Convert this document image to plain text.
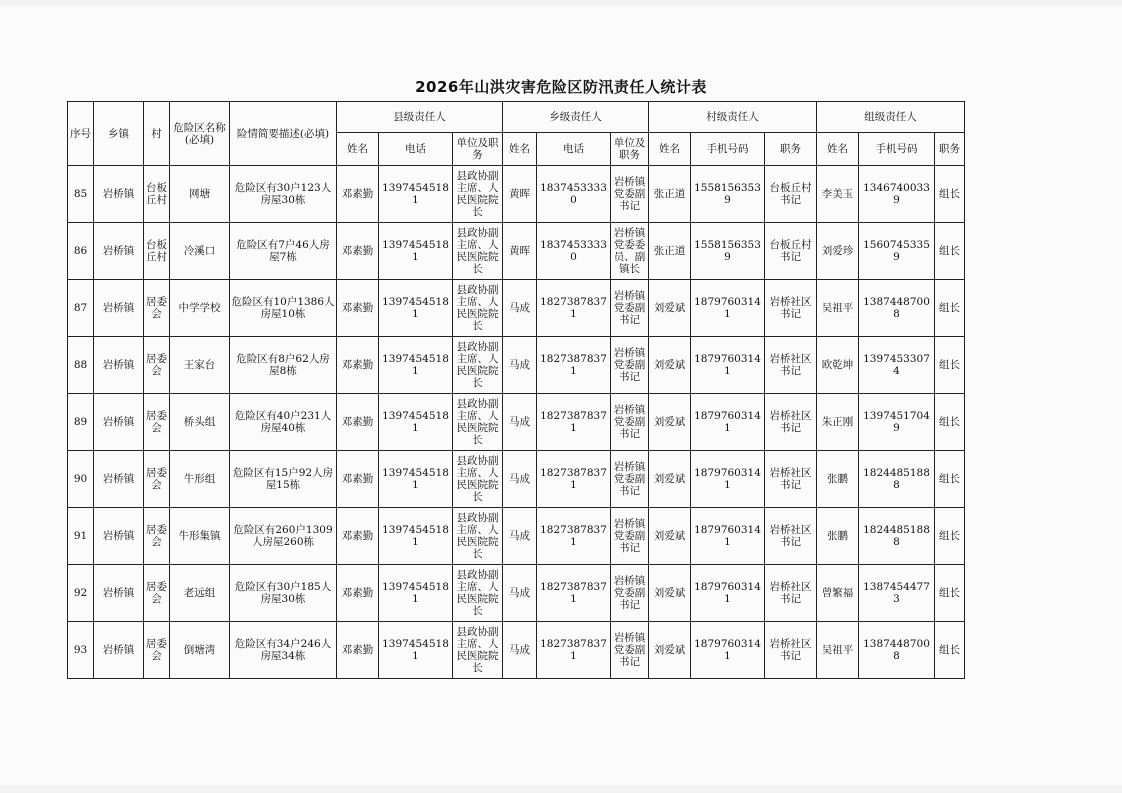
2026年山洪灾害危险区防汛责任人统计表
序号	乡镇	村	危险区名称(必填)	险情简要描述(必填)	县级责任人			乡级责任人			村级责任人			组级责任人		
					姓名	电话	单位及职务	姓名	电话	单位及职务	姓名	手机号码	职务	姓名	手机号码	职务
85	岩桥镇	台板丘村	网塘	危险区有30户123人房屋30栋	邓素勤	13974545181	县政协副主席、人民医院院长	黄晖	18374533330	岩桥镇党委副书记	张正道	15581563539	台板丘村书记	李美玉	13467400339	组长
86	岩桥镇	台板丘村	冷溪口	危险区有7户46人房屋7栋	邓素勤	13974545181	县政协副主席、人民医院院长	黄晖	18374533330	岩桥镇党委委员、副镇长	张正道	15581563539	台板丘村书记	刘爱珍	15607453359	组长
87	岩桥镇	居委会	中学学校	危险区有10户1386人房屋10栋	邓素勤	13974545181	县政协副主席、人民医院院长	马成	18273878371	岩桥镇党委副书记	刘爱斌	18797603141	岩桥社区书记	吴祖平	13874487008	组长
88	岩桥镇	居委会	王家台	危险区有8户62人房屋8栋	邓素勤	13974545181	县政协副主席、人民医院院长	马成	18273878371	岩桥镇党委副书记	刘爱斌	18797603141	岩桥社区书记	欧乾坤	13974533074	组长
89	岩桥镇	居委会	桥头组	危险区有40户231人房屋40栋	邓素勤	13974545181	县政协副主席、人民医院院长	马成	18273878371	岩桥镇党委副书记	刘爱斌	18797603141	岩桥社区书记	朱正刚	13974517049	组长
90	岩桥镇	居委会	牛形组	危险区有15户92人房屋15栋	邓素勤	13974545181	县政协副主席、人民医院院长	马成	18273878371	岩桥镇党委副书记	刘爱斌	18797603141	岩桥社区书记	张鹏	18244851888	组长
91	岩桥镇	居委会	牛形集镇	危险区有260户1309人房屋260栋	邓素勤	13974545181	县政协副主席、人民医院院长	马成	18273878371	岩桥镇党委副书记	刘爱斌	18797603141	岩桥社区书记	张鹏	18244851888	组长
92	岩桥镇	居委会	老远组	危险区有30户185人房屋30栋	邓素勤	13974545181	县政协副主席、人民医院院长	马成	18273878371	岩桥镇党委副书记	刘爱斌	18797603141	岩桥社区书记	曾繁福	13874544773	组长
93	岩桥镇	居委会	倒塘湾	危险区有34户246人房屋34栋	邓素勤	13974545181	县政协副主席、人民医院院长	马成	18273878371	岩桥镇党委副书记	刘爱斌	18797603141	岩桥社区书记	吴祖平	13874487008	组长
